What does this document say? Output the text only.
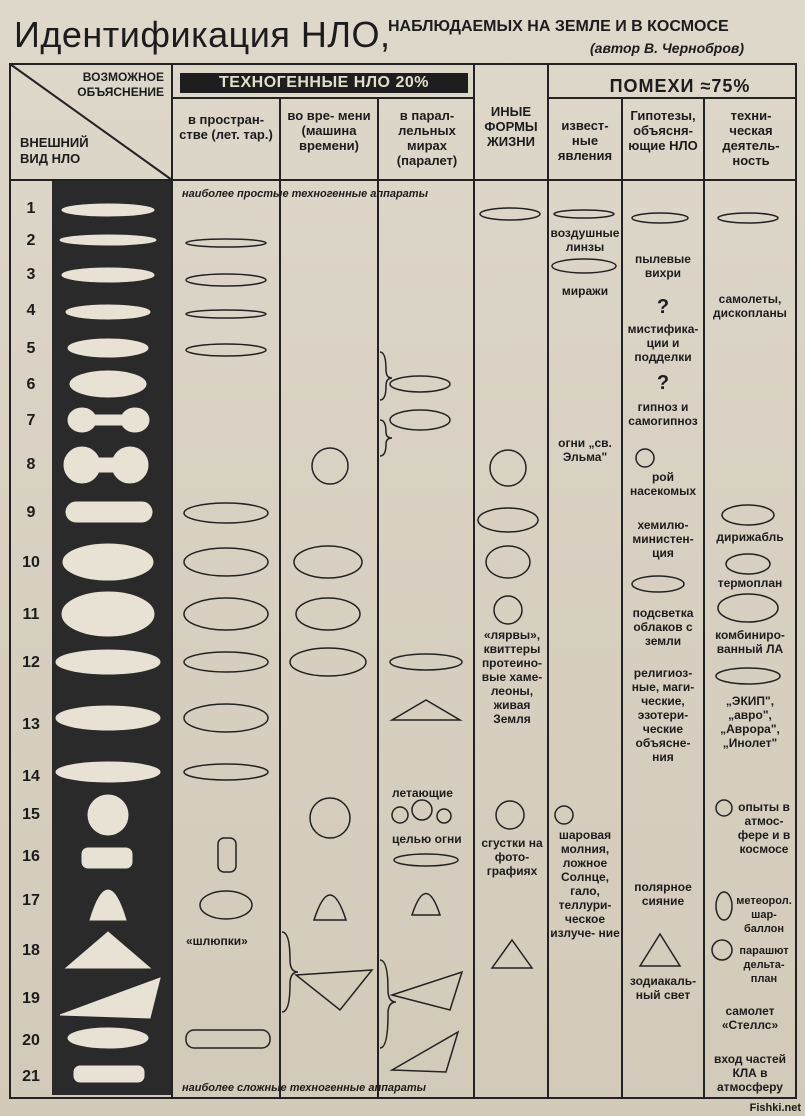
Идентификация НЛО,
НАБЛЮДАЕМЫХ НА ЗЕМЛЕ И В КОСМОСЕ
(автор В. Чернобров)
ВОЗМОЖНОЕ ОБЪЯСНЕНИЕ
ВНЕШНИЙ ВИД НЛО
ТЕХНОГЕННЫЕ НЛО 20%	ПОМЕХИ ≈75%
в простран- стве (лет. тар.)
во вре- мени (машина времени)
в парал- лельных мирах (паралет)
ИНЫЕ ФОРМЫ ЖИЗНИ
извест- ные явления
Гипотезы, объясня- ющие НЛО
техни- ческая деятель- ность
1
2
3
4
5
6
7
8
9
10
11
12
13
14
15
16
17
18
19
20
21
наиболее простые техногенные аппараты
наиболее сложные техногенные аппараты
«шлюпки»
летающие
целью огни
«лярвы», квиттеры протеино- вые хаме- леоны, живая Земля
сгустки на фото- графиях
воздушные линзы
миражи
огни „св. Эльма"
шаровая молния, ложное Солнце, гало, теллури- ческое излуче- ние
пылевые вихри
?
мистифика- ции и подделки
?
гипноз и самогипноз
рой насекомых
хемилю- министен- ция
подсветка облаков с земли
религиоз- ные, маги- ческие, эзотери- ческие объясне- ния
полярное сияние
зодиакаль- ный свет
самолеты, дископланы
дирижабль
термоплан
комбиниро- ванный ЛА
„ЭКИП", „авро", „Аврора", „Инолет"
опыты в атмос- фере и в космосе
метеорол. шар- баллон
парашют дельта- план
самолет «Стеллс»
вход частей КЛА в атмосферу
Fishki.net
